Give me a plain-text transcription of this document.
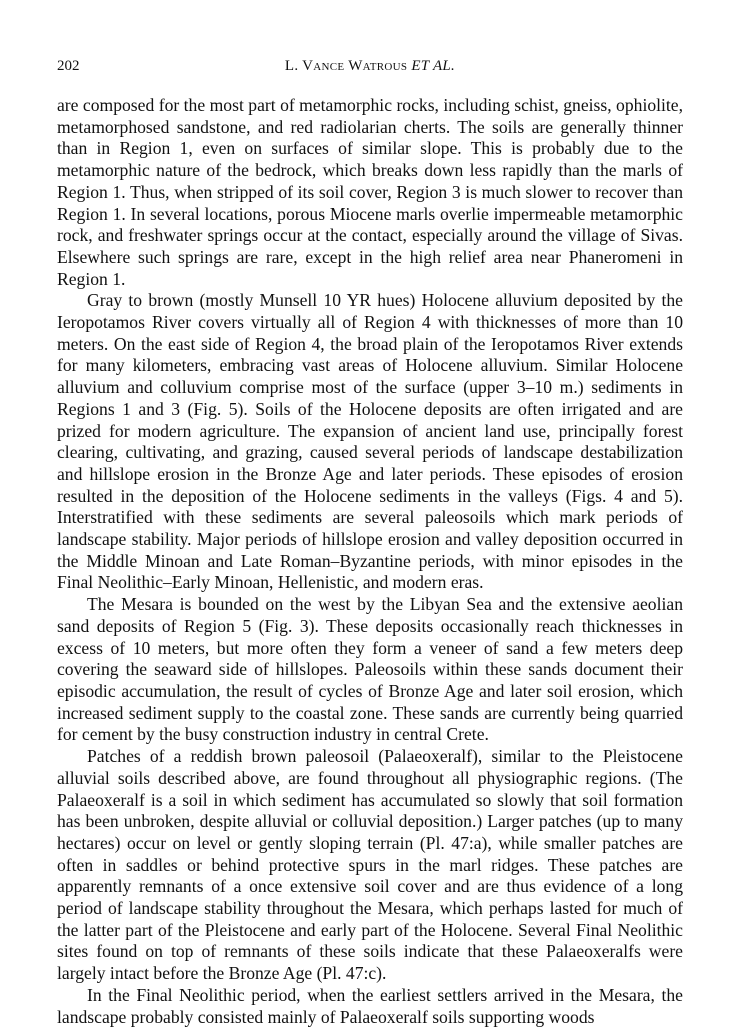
202	L. Vance Watrous ET AL.

are composed for the most part of metamorphic rocks, including schist, gneiss, ophiolite, metamorphosed sandstone, and red radiolarian cherts. The soils are generally thinner than in Region 1, even on surfaces of similar slope. This is probably due to the metamorphic nature of the bedrock, which breaks down less rapidly than the marls of Region 1. Thus, when stripped of its soil cover, Region 3 is much slower to recover than Region 1. In several locations, porous Miocene marls overlie impermeable metamorphic rock, and freshwater springs occur at the contact, especially around the village of Sivas. Elsewhere such springs are rare, except in the high relief area near Phaneromeni in Region 1.

Gray to brown (mostly Munsell 10 YR hues) Holocene alluvium deposited by the Ieropotamos River covers virtually all of Region 4 with thicknesses of more than 10 meters. On the east side of Region 4, the broad plain of the Ieropotamos River extends for many kilometers, embracing vast areas of Holocene alluvium. Similar Holocene alluvium and colluvium comprise most of the surface (upper 3–10 m.) sediments in Regions 1 and 3 (Fig. 5). Soils of the Holocene deposits are often irrigated and are prized for modern agriculture. The expansion of ancient land use, principally forest clearing, cultivating, and grazing, caused several periods of landscape destabilization and hillslope erosion in the Bronze Age and later periods. These episodes of erosion resulted in the deposition of the Holocene sediments in the valleys (Figs. 4 and 5). Interstratified with these sediments are several paleosoils which mark periods of landscape stability. Major periods of hillslope erosion and valley deposition occurred in the Middle Minoan and Late Roman–Byzantine periods, with minor episodes in the Final Neolithic–Early Minoan, Hellenistic, and modern eras.

The Mesara is bounded on the west by the Libyan Sea and the extensive aeolian sand deposits of Region 5 (Fig. 3). These deposits occasionally reach thicknesses in excess of 10 meters, but more often they form a veneer of sand a few meters deep covering the seaward side of hillslopes. Paleosoils within these sands document their episodic accumulation, the result of cycles of Bronze Age and later soil erosion, which increased sediment supply to the coastal zone. These sands are currently being quarried for cement by the busy construction industry in central Crete.

Patches of a reddish brown paleosoil (Palaeoxeralf), similar to the Pleistocene alluvial soils described above, are found throughout all physiographic regions. (The Palaeoxeralf is a soil in which sediment has accumulated so slowly that soil formation has been unbroken, despite alluvial or colluvial deposition.) Larger patches (up to many hectares) occur on level or gently sloping terrain (Pl. 47:a), while smaller patches are often in saddles or behind protective spurs in the marl ridges. These patches are apparently remnants of a once extensive soil cover and are thus evidence of a long period of landscape stability throughout the Mesara, which perhaps lasted for much of the latter part of the Pleistocene and early part of the Holocene. Several Final Neolithic sites found on top of remnants of these soils indicate that these Palaeoxeralfs were largely intact before the Bronze Age (Pl. 47:c).

In the Final Neolithic period, when the earliest settlers arrived in the Mesara, the landscape probably consisted mainly of Palaeoxeralf soils supporting woods
